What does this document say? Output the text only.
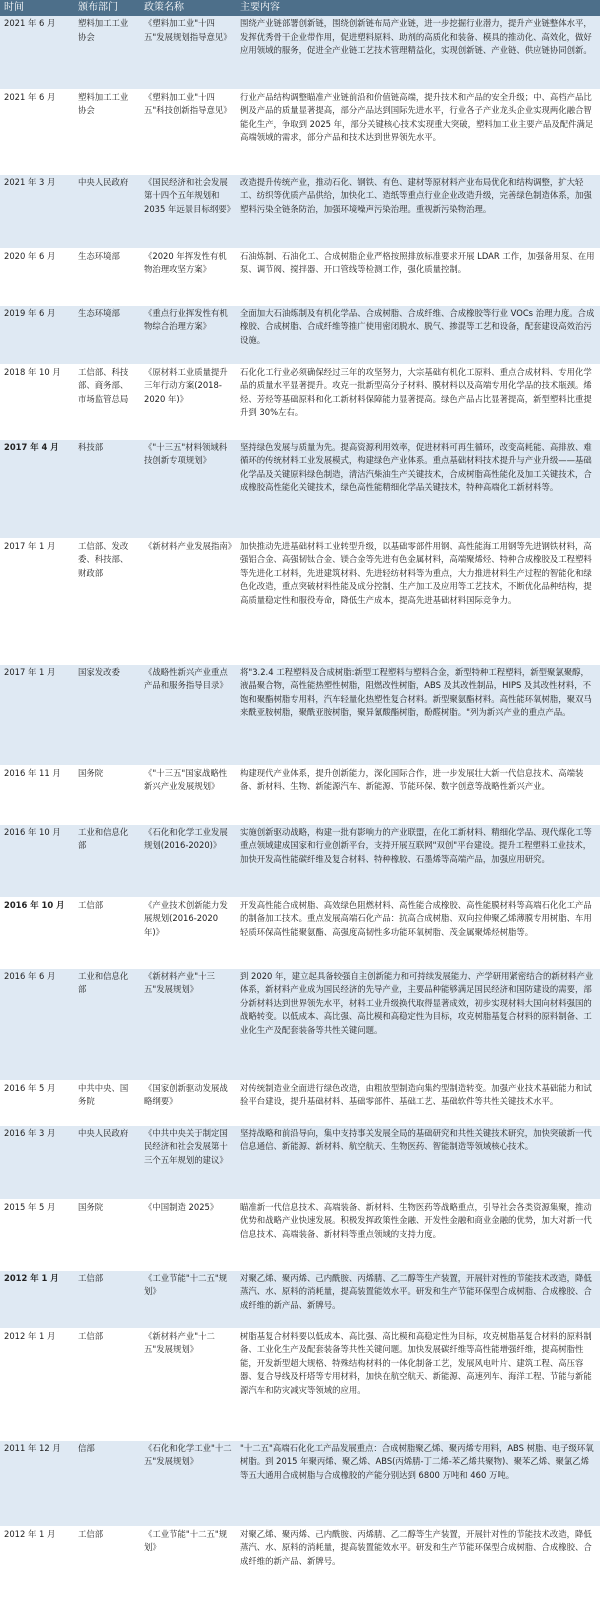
时间	颁布部门	政策名称	主要内容
2021 年 6 月	塑料加工工业协会	《塑料加工业"十四五"发展规划指导意见》	围绕产业链部署创新链，围绕创新链布局产业链，进一步挖掘行业潜力，提升产业链整体水平，发挥优秀骨干企业带作用，促进塑料原料、助剂的高质化和装备、模具的推动化、高效化，做好应用领域的服务，促进全产业链工艺技术管理精益化，实现创新链、产业链、供应链协同创新。
2021 年 6 月	塑料加工工业协会	《塑料加工业"十四五"科技创新指导意见》	行业产品结构调整瞄准产业链前沿和价值链高端，提升技术和产品的安全升级；中、高档产品比例及产品的质量显著提高，部分产品达到国际先进水平，行业各子产业龙头企业实现两化融合智能化生产，争取到 2025 年，部分关键核心技术实现重大突破，塑料加工业主要产品及配件满足高端领域的需求，部分产品和技术达到世界领先水平。
2021 年 3 月	中央人民政府	《国民经济和社会发展第十四个五年规划和 2035 年远景目标纲要》	改造提升传统产业，推动石化、钢铁、有色、建材等原材料产业布局优化和结构调整，扩大轻工、纺织等优质产品供给，加快化工、造纸等重点行业企业改造升级，完善绿色制造体系，加强塑料污染全链条防治，加强环境噪声污染治理。重视新污染物治理。
2020 年 6 月	生态环境部	《2020 年挥发性有机物治理攻坚方案》	石油炼制、石油化工、合成树脂企业严格按照排放标准要求开展 LDAR 工作，加强备用泵、在用泵、调节阀、搅拌器、开口管线等检测工作，强化质量控制。
2019 年 6 月	生态环境部	《重点行业挥发性有机物综合治理方案》	全面加大石油炼制及有机化学品、合成树脂、合成纤维、合成橡胶等行业 VOCs 治理力度。合成橡胶、合成树脂、合成纤维等推广使用密闭脱水、脱气、掺混等工艺和设备，配套建设高效治污设施。
2018 年 10 月	工信部、科技部、商务部、市场监管总局	《原材料工业质量提升三年行动方案(2018-2020 年)》	石化化工行业必须确保经过三年的攻坚努力，大宗基础有机化工原料、重点合成材料、专用化学品的质量水平显著提升。攻克一批新型高分子材料、膜材料以及高端专用化学品的技术瓶颈。烯烃、芳烃等基础原料和化工新材料保障能力显著提高。绿色产品占比显著提高，新型塑料比重提升到 30%左右。
2017 年 4 月	科技部	《"十三五"材料领域科技创新专项规划》	坚持绿色发展与质量为先。提高资源利用效率，促进材料可再生循环，改变高耗能、高排放、难循环的传统材料工业发展模式，构建绿色产业体系。重点基础材料技术提升与产业升级——基础化学品及关键原料绿色制造，清洁汽柴油生产关键技术，合成树脂高性能化及加工关键技术，合成橡胶高性能化关键技术，绿色高性能精细化学品关键技术，特种高端化工新材料等。
2017 年 1 月	工信部、发改委、科技部、财政部	《新材料产业发展指南》	加快推动先进基础材料工业转型升级，以基础零部件用钢、高性能海工用钢等先进钢铁材料，高强铝合金、高强韧钛合金、镁合金等先进有色金属材料，高端聚烯烃、特种合成橡胶及工程塑料等先进化工材料，先进建筑材料、先进轻纺材料等为重点，大力推进材料生产过程的智能化和绿色化改造，重点突破材料性能及成分控制、生产加工及应用等工艺技术，不断优化品种结构，提高质量稳定性和服役寿命，降低生产成本，提高先进基础材料国际竞争力。
2017 年 1 月	国家发改委	《战略性新兴产业重点产品和服务指导目录》	将"3.2.4 工程塑料及合成树脂:新型工程塑料与塑料合金，新型特种工程塑料，新型聚氯聚醇，液晶聚合物，高性能热塑性树脂，阻燃改性树脂，ABS 及其改性制品，HIPS 及其改性材料，不饱和聚酯树脂专用料，汽车轻量化热塑性复合材料。新型聚氨酯材料。高性能环氧树脂，聚双马来酰亚胺树脂，聚酰亚胺树脂，聚异氰酸酯树脂，酚醛树脂。"列为新兴产业的重点产品。
2016 年 11 月	国务院	《"十三五"国家战略性新兴产业发展规划》	构建现代产业体系，提升创新能力，深化国际合作，进一步发展壮大新一代信息技术、高端装备、新材料、生物、新能源汽车、新能源、节能环保、数字创意等战略性新兴产业。
2016 年 10 月	工业和信息化部	《石化和化学工业发展规划(2016-2020)》	实施创新驱动战略，构建一批有影响力的产业联盟，在化工新材料、精细化学品、现代煤化工等重点领域建成国家和行业创新平台，支持开展互联网"双创"平台建设。提升工程塑料工业技术，加快开发高性能碳纤维及复合材料、特种橡胶、石墨烯等高端产品，加强应用研究。
2016 年 10 月	工信部	《产业技术创新能力发展规划(2016-2020 年)》	开发高性能合成树脂、高效绿色阻燃材料、高性能合成橡胶、高性能膜材料等高端石化化工产品的制备加工技术。重点发展高端石化产品：抗高合成树脂、双向拉伸聚乙烯薄膜专用树脂、车用轻质环保高性能聚氨酯、高强度高韧性多功能环氧树脂、茂金属聚烯烃树脂等。
2016 年 6 月	工业和信息化部	《新材料产业"十三五"发展规划》	到 2020 年，建立起具备较强自主创新能力和可持续发展能力、产学研用紧密结合的新材料产业体系，新材料产业成为国民经济的先导产业，主要品种能够满足国民经济和国防建设的需要，部分新材料达到世界领先水平，材料工业升级换代取得显著成效，初步实现材料大国向材料强国的战略转变。以低成本、高比强、高比模和高稳定性为目标，攻克树脂基复合材料的原料制备、工业化生产及配套装备等共性关键问题。
2016 年 5 月	中共中央、国务院	《国家创新驱动发展战略纲要》	对传统制造业全面进行绿色改造，由粗放型制造向集约型制造转变。加强产业技术基础能力和试验平台建设，提升基础材料、基础零部件、基础工艺、基础软件等共性关键技术水平。
2016 年 3 月	中央人民政府	《中共中央关于制定国民经济和社会发展第十三个五年规划的建议》	坚持战略和前沿导向，集中支持事关发展全局的基础研究和共性关键技术研究，加快突破新一代信息通信、新能源、新材料、航空航天、生物医药、智能制造等领域核心技术。
2015 年 5 月	国务院	《中国制造 2025》	瞄准新一代信息技术、高端装备、新材料、生物医药等战略重点，引导社会各类资源集聚，推动优势和战略产业快速发展。积极发挥政策性金融、开发性金融和商业金融的优势，加大对新一代信息技术、高端装备、新材料等重点领域的支持力度。
2012 年 1 月	工信部	《工业节能"十二五"规划》	对聚乙烯、聚丙烯、己内酰胺、丙烯腈、乙二醇等生产装置，开展针对性的节能技术改造，降低蒸汽、水、原料的消耗量，提高装置能效水平。研发和生产节能环保型合成树脂、合成橡胶、合成纤维的新产品、新牌号。
2012 年 1 月	工信部	《新材料产业"十二五"发展规划》	树脂基复合材料要以低成本、高比强、高比模和高稳定性为目标，攻克树脂基复合材料的原料制备、工业化生产及配套装备等共性关键问题。加快发展碳纤维等高性能增强纤维，提高树脂性能，开发新型超大规格、特殊结构材料的一体化制备工艺，发展风电叶片、建筑工程、高压容器、复合导线及杆塔等专用材料，加快在航空航天、新能源、高速列车、海洋工程、节能与新能源汽车和防灾减灾等领域的应用。
2011 年 12 月	信部	《石化和化学工业"十二五"发展规划》	"十二五"高端石化化工产品发展重点：合成树脂聚乙烯、聚丙烯专用料，ABS 树脂、电子级环氧树脂。到 2015 年聚丙烯、聚乙烯、ABS(丙烯腈-丁二烯-苯乙烯共聚物)、聚苯乙烯、聚氯乙烯等五大通用合成树脂与合成橡胶的产能分别达到 6800 万吨和 460 万吨。
2012 年 1 月	工信部	《工业节能"十二五"规划》	对聚乙烯、聚丙烯、己内酰胺、丙烯腈、乙二醇等生产装置，开展针对性的节能技术改造，降低蒸汽、水、原料的消耗量，提高装置能效水平。研发和生产节能环保型合成树脂、合成橡胶、合成纤维的新产品、新牌号。
